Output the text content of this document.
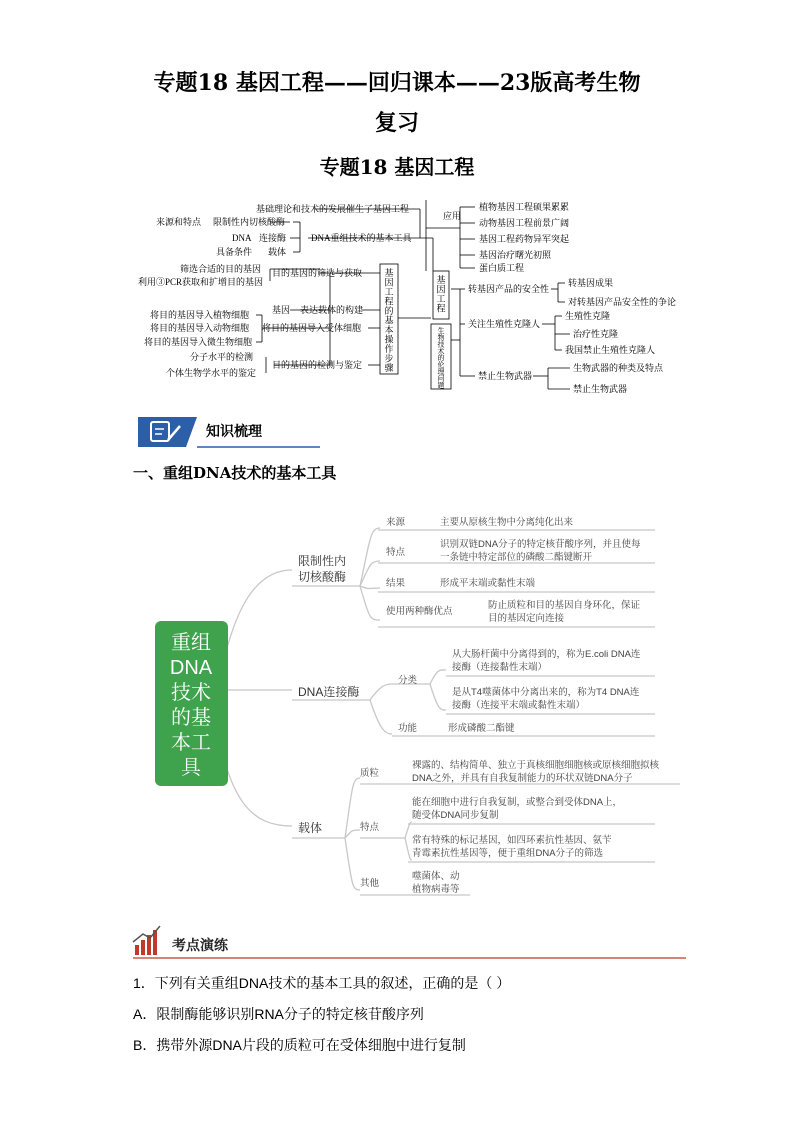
专题18 基因工程——回归课本——23版高考生物
复习
专题18 基因工程
基础理论和技术的发展催生了基因工程
DNA重组技术的基本工具
来源和特点 限制性内切核酸酶
DNA 连接酶
具备条件 载体
筛选合适的目的基因
利用③PCR获取和扩增目的基因
目的基因的筛选与获取
基因 表达载体的构建
将目的基因导入植物细胞
将目的基因导入动物细胞
将目的基因导入微生物细胞
将目的基因导入受体细胞
分子水平的检测
个体生物学水平的鉴定
目的基因的检测与鉴定
应用
植物基因工程硕果累累
动物基因工程前景广阔
基因工程药物异军突起
基因治疗曙光初照
蛋白质工程
转基因产品的安全性
转基因成果
对转基因产品安全性的争论
关注生殖性克隆人
生殖性克隆
治疗性克隆
我国禁止生殖性克隆人
禁止生物武器
生物武器的种类及特点
禁止生物武器
基因工程的基本操作步骤
基因工程
生物技术的伦理问题
知识梳理
一、重组DNA技术的基本工具
重组
DNA
技术
的基
本工
具
限制性内
切核酸酶
DNA连接酶
载体
来源	主要从原核生物中分离纯化出来
特点
识别双链DNA分子的特定核苷酸序列，并且使每
一条链中特定部位的磷酸二酯键断开
结果	形成平末端或黏性末端
使用两种酶优点
防止质粒和目的基因自身环化，保证
目的基因定向连接
分类
从大肠杆菌中分离得到的，称为E.coli DNA连
接酶（连接黏性末端）
是从T4噬菌体中分离出来的，称为T4 DNA连
接酶（连接平末端或黏性末端）
功能	形成磷酸二酯键
质粒
裸露的、结构简单、独立于真核细胞细胞核或原核细胞拟核
DNA之外，并具有自我复制能力的环状双链DNA分子
特点
能在细胞中进行自我复制，或整合到受体DNA上，
随受体DNA同步复制
常有特殊的标记基因，如四环素抗性基因、氨苄
青霉素抗性基因等，便于重组DNA分子的筛选
其他
噬菌体、动
植物病毒等
考点演练
1．下列有关重组DNA技术的基本工具的叙述，正确的是（ ）
A．限制酶能够识别RNA分子的特定核苷酸序列
B．携带外源DNA片段的质粒可在受体细胞中进行复制
